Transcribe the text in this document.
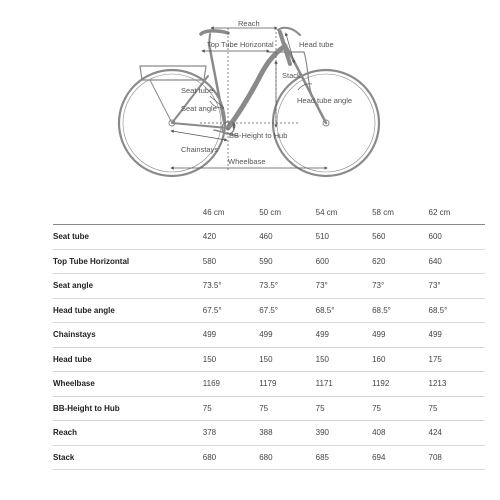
Reach
Top Tube Horizontal	Head tube
Stack
Seat tube
Seat angle
Head tube angle
BB-Height to Hub
Chainstays
Wheelbase
	46 cm	50 cm	54 cm	58 cm	62 cm
Seat tube	420	460	510	560	600
Top Tube Horizontal	580	590	600	620	640
Seat angle	73.5°	73.5°	73°	73°	73°
Head tube angle	67.5°	67.5°	68.5°	68.5°	68.5°
Chainstays	499	499	499	499	499
Head tube	150	150	150	160	175
Wheelbase	1169	1179	1171	1192	1213
BB-Height to Hub	75	75	75	75	75
Reach	378	388	390	408	424
Stack	680	680	685	694	708
